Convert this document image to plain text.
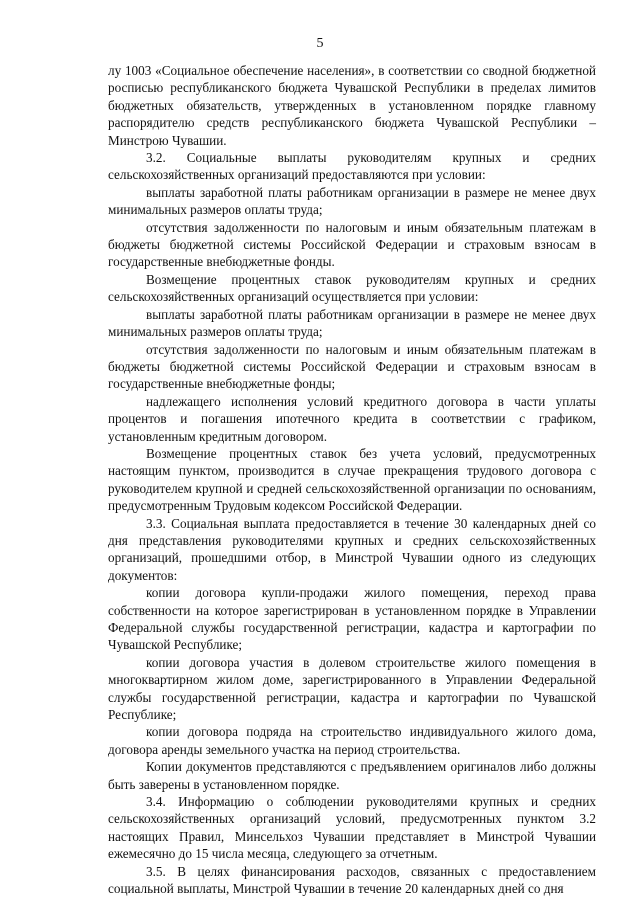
5

лу 1003 «Социальное обеспечение населения», в соответствии со сводной бюджетной росписью республиканского бюджета Чувашской Республики в пределах лимитов бюджетных обязательств, утвержденных в установленном порядке главному распорядителю средств республиканского бюджета Чувашской Республики – Минстрою Чувашии.

3.2. Социальные выплаты руководителям крупных и средних сельскохозяйственных организаций предоставляются при условии:

выплаты заработной платы работникам организации в размере не менее двух минимальных размеров оплаты труда;

отсутствия задолженности по налоговым и иным обязательным платежам в бюджеты бюджетной системы Российской Федерации и страховым взносам в государственные внебюджетные фонды.

Возмещение процентных ставок руководителям крупных и средних сельскохозяйственных организаций осуществляется при условии:

выплаты заработной платы работникам организации в размере не менее двух минимальных размеров оплаты труда;

отсутствия задолженности по налоговым и иным обязательным платежам в бюджеты бюджетной системы Российской Федерации и страховым взносам в государственные внебюджетные фонды;

надлежащего исполнения условий кредитного договора в части уплаты процентов и погашения ипотечного кредита в соответствии с графиком, установленным кредитным договором.

Возмещение процентных ставок без учета условий, предусмотренных настоящим пунктом, производится в случае прекращения трудового договора с руководителем крупной и средней сельскохозяйственной организации по основаниям, предусмотренным Трудовым кодексом Российской Федерации.

3.3. Социальная выплата предоставляется в течение 30 календарных дней со дня представления руководителями крупных и средних сельскохозяйственных организаций, прошедшими отбор, в Минстрой Чувашии одного из следующих документов:

копии договора купли-продажи жилого помещения, переход права собственности на которое зарегистрирован в установленном порядке в Управлении Федеральной службы государственной регистрации, кадастра и картографии по Чувашской Республике;

копии договора участия в долевом строительстве жилого помещения в многоквартирном жилом доме, зарегистрированного в Управлении Федеральной службы государственной регистрации, кадастра и картографии по Чувашской Республике;

копии договора подряда на строительство индивидуального жилого дома, договора аренды земельного участка на период строительства.

Копии документов представляются с предъявлением оригиналов либо должны быть заверены в установленном порядке.

3.4. Информацию о соблюдении руководителями крупных и средних сельскохозяйственных организаций условий, предусмотренных пунктом 3.2 настоящих Правил, Минсельхоз Чувашии представляет в Минстрой Чувашии ежемесячно до 15 числа месяца, следующего за отчетным.

3.5. В целях финансирования расходов, связанных с предоставлением социальной выплаты, Минстрой Чувашии в течение 20 календарных дней со дня
